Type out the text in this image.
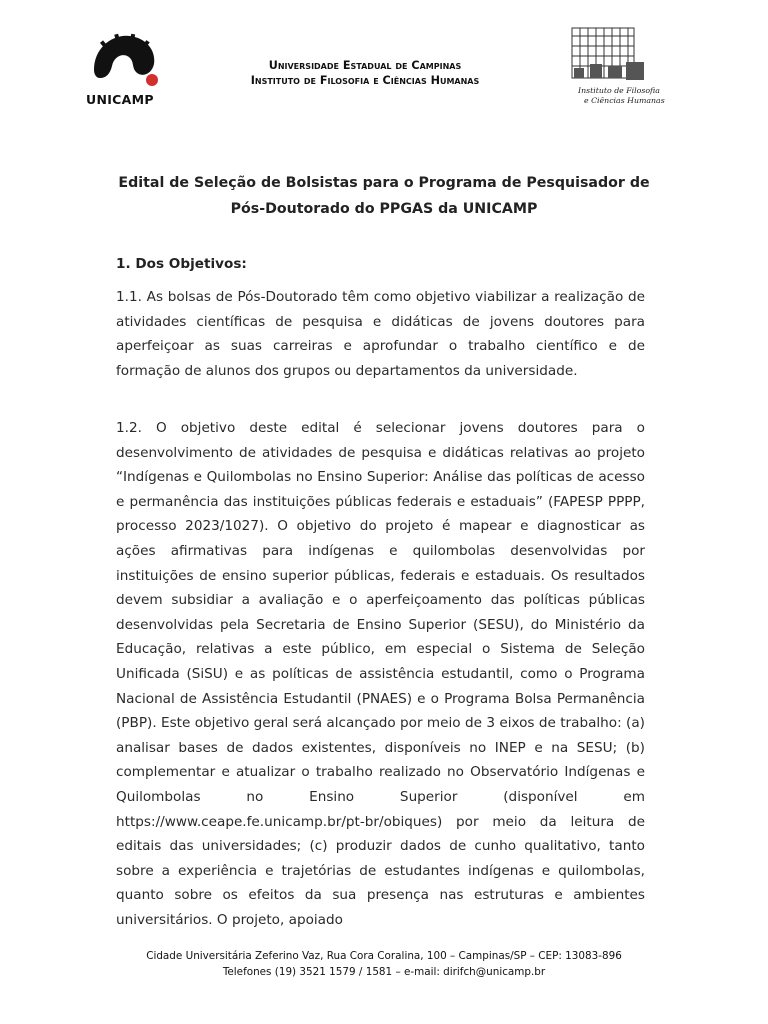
UNICAMP
Universidade Estadual de Campinas
Instituto de Filosofia e Ciências Humanas
Instituto de Filosofia
e Ciências Humanas
Edital de Seleção de Bolsistas para o Programa de Pesquisador de
Pós-Doutorado do PPGAS da UNICAMP
1. Dos Objetivos:
1.1. As bolsas de Pós-Doutorado têm como objetivo viabilizar a realização de atividades científicas de pesquisa e didáticas de jovens doutores para aperfeiçoar as suas carreiras e aprofundar o trabalho científico e de formação de alunos dos grupos ou departamentos da universidade.
1.2. O objetivo deste edital é selecionar jovens doutores para o desenvolvimento de atividades de pesquisa e didáticas relativas ao projeto “Indígenas e Quilombolas no Ensino Superior: Análise das políticas de acesso e permanência das instituições públicas federais e estaduais” (FAPESP PPPP, processo 2023/1027). O objetivo do projeto é mapear e diagnosticar as ações afirmativas para indígenas e quilombolas desenvolvidas por instituições de ensino superior públicas, federais e estaduais. Os resultados devem subsidiar a avaliação e o aperfeiçoamento das políticas públicas desenvolvidas pela Secretaria de Ensino Superior (SESU), do Ministério da Educação, relativas a este público, em especial o Sistema de Seleção Unificada (SiSU) e as políticas de assistência estudantil, como o Programa Nacional de Assistência Estudantil (PNAES) e o Programa Bolsa Permanência (PBP). Este objetivo geral será alcançado por meio de 3 eixos de trabalho: (a) analisar bases de dados existentes, disponíveis no INEP e na SESU; (b) complementar e atualizar o trabalho realizado no Observatório Indígenas e Quilombolas no Ensino Superior (disponível em https://www.ceape.fe.unicamp.br/pt-br/obiques) por meio da leitura de editais das universidades; (c) produzir dados de cunho qualitativo, tanto sobre a experiência e trajetórias de estudantes indígenas e quilombolas, quanto sobre os efeitos da sua presença nas estruturas e ambientes universitários. O projeto, apoiado
Cidade Universitária Zeferino Vaz, Rua Cora Coralina, 100 – Campinas/SP – CEP: 13083-896
Telefones (19) 3521 1579 / 1581 – e-mail: dirifch@unicamp.br
